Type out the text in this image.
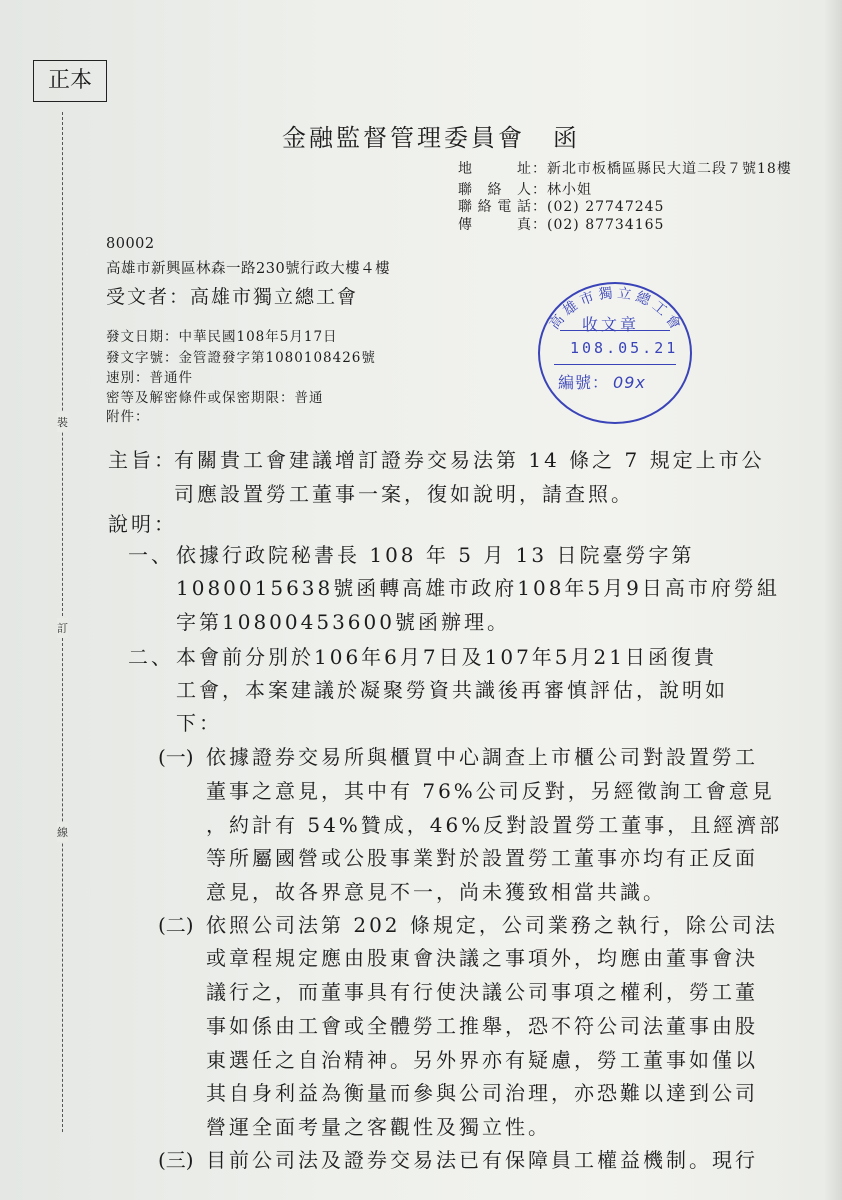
正本
裝
訂
線
金融監督管理委員會 函
地　　址：新北市板橋區縣民大道二段７號18樓
聯 絡 人：林小姐
聯絡電話：(02) 27747245
傳　　真：(02) 87734165
80002
高雄市新興區林森一路230號行政大樓４樓
受文者：高雄市獨立總工會
發文日期：中華民國108年5月17日
發文字號：金管證發字第1080108426號
速別：普通件
密等及解密條件或保密期限：普通
附件：
高雄市獨立總工會
收文章
108.05.21
編號： 09x
主旨：
有關貴工會建議增訂證券交易法第 14 條之 7 規定上市公
司應設置勞工董事一案，復如說明，請查照。
說明：
一、 依據行政院秘書長 108 年 5 月 13 日院臺勞字第
1080015638號函轉高雄市政府108年5月9日高市府勞組
字第10800453600號函辦理。
二、 本會前分別於106年6月7日及107年5月21日函復貴
工會，本案建議於凝聚勞資共識後再審慎評估，說明如
下：
(一) 依據證券交易所與櫃買中心調查上市櫃公司對設置勞工
董事之意見，其中有 76%公司反對，另經徵詢工會意見
，約計有 54%贊成，46%反對設置勞工董事，且經濟部
等所屬國營或公股事業對於設置勞工董事亦均有正反面
意見，故各界意見不一，尚未獲致相當共識。
(二) 依照公司法第 202 條規定，公司業務之執行，除公司法
或章程規定應由股東會決議之事項外，均應由董事會決
議行之，而董事具有行使決議公司事項之權利，勞工董
事如係由工會或全體勞工推舉，恐不符公司法董事由股
東選任之自治精神。另外界亦有疑慮，勞工董事如僅以
其自身利益為衡量而參與公司治理，亦恐難以達到公司
營運全面考量之客觀性及獨立性。
(三) 目前公司法及證券交易法已有保障員工權益機制。現行
